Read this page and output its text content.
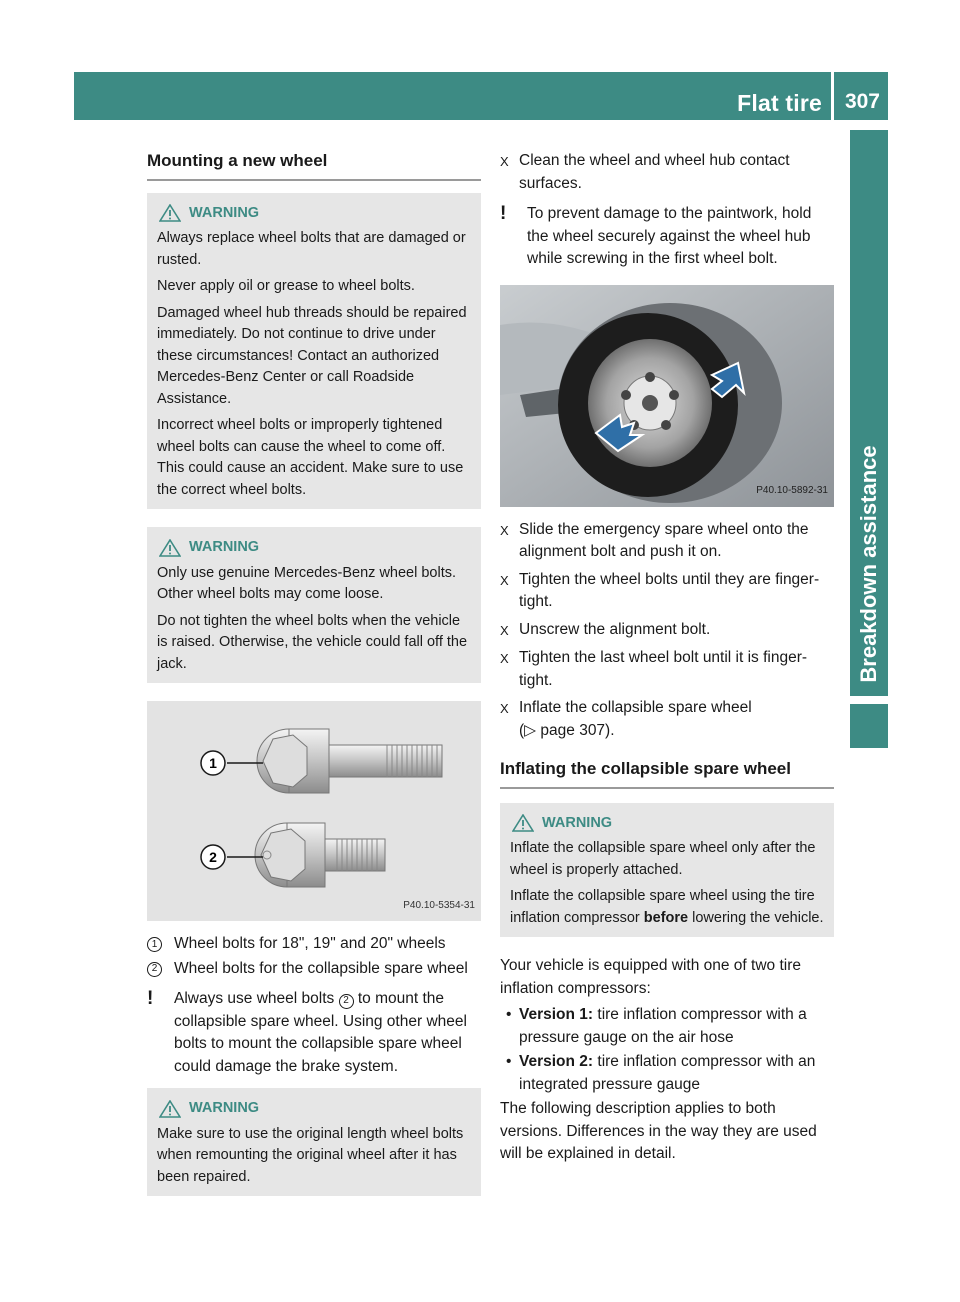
Flat tire 307
Breakdown assistance
Mounting a new wheel
WARNING

Always replace wheel bolts that are damaged or rusted.

Never apply oil or grease to wheel bolts.

Damaged wheel hub threads should be repaired immediately. Do not continue to drive under these circumstances! Contact an authorized Mercedes-Benz Center or call Roadside Assistance.

Incorrect wheel bolts or improperly tightened wheel bolts can cause the wheel to come off. This could cause an accident. Make sure to use the correct wheel bolts.

WARNING

Only use genuine Mercedes-Benz wheel bolts. Other wheel bolts may come loose.

Do not tighten the wheel bolts when the vehicle is raised. Otherwise, the vehicle could fall off the jack.

1
2
P40.10-5354-31
1	Wheel bolts for 18", 19" and 20" wheels
2	Wheel bolts for the collapsible spare wheel
!	Always use wheel bolts 2 to mount the collapsible spare wheel. Using other wheel bolts to mount the collapsible spare wheel could damage the brake system.
WARNING

Make sure to use the original length wheel bolts when remounting the original wheel after it has been repaired.

X Clean the wheel and wheel hub contact surfaces.
!	To prevent damage to the paintwork, hold the wheel securely against the wheel hub while screwing in the first wheel bolt.
P40.10-5892-31
X Slide the emergency spare wheel onto the alignment bolt and push it on.
X Tighten the wheel bolts until they are finger-tight.
X Unscrew the alignment bolt.
X Tighten the last wheel bolt until it is finger-tight.
X Inflate the collapsible spare wheel
(▷ page 307).
Inflating the collapsible spare wheel
WARNING

Inflate the collapsible spare wheel only after the wheel is properly attached.

Inflate the collapsible spare wheel using the tire inflation compressor before lowering the vehicle.

Your vehicle is equipped with one of two tire inflation compressors:
• Version 1: tire inflation compressor with a pressure gauge on the air hose
• Version 2: tire inflation compressor with an integrated pressure gauge
The following description applies to both versions. Differences in the way they are used will be explained in detail.
